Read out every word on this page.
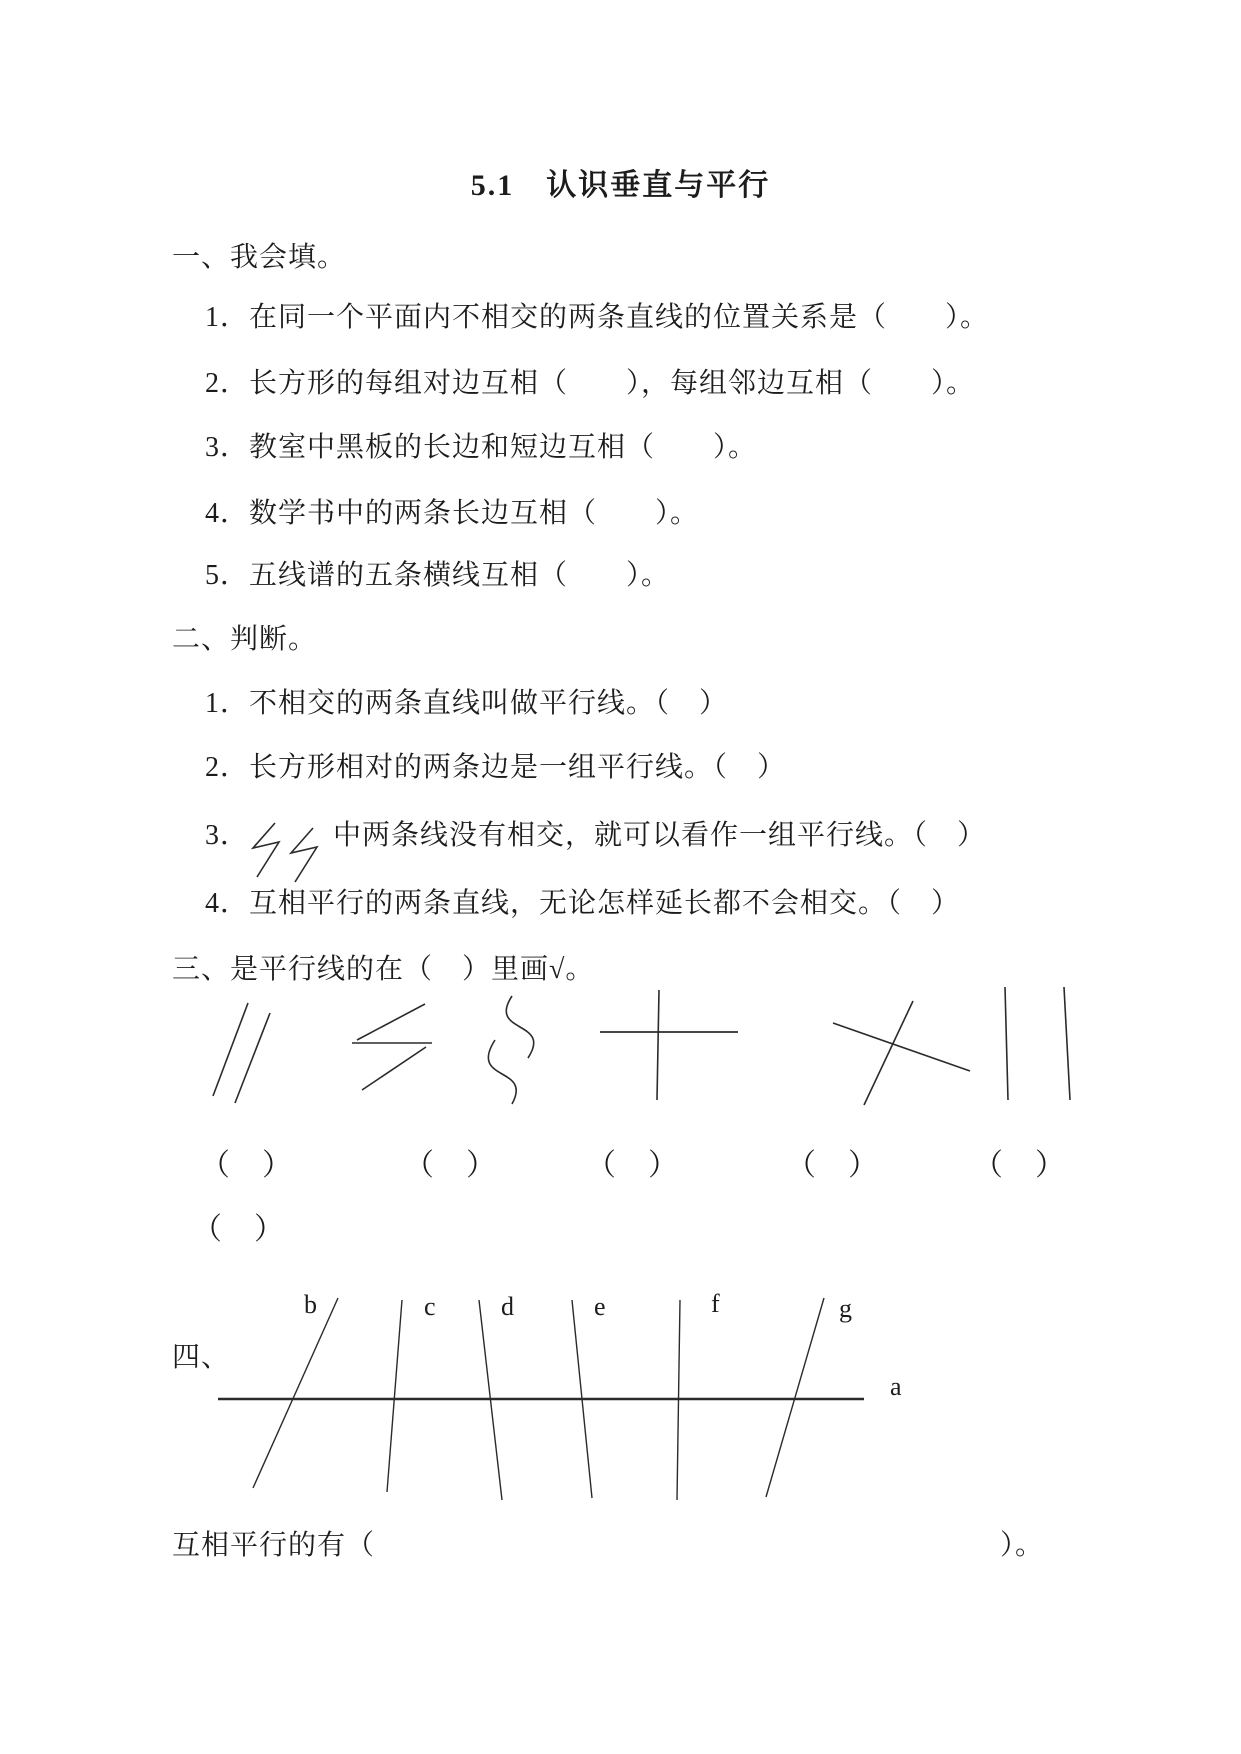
5.1　认识垂直与平行
一、我会填。
1．在同一个平面内不相交的两条直线的位置关系是（　　）。
2．长方形的每组对边互相（　　），每组邻边互相（　　）。
3．教室中黑板的长边和短边互相（　　）。
4．数学书中的两条长边互相（　　）。
5．五线谱的五条横线互相（　　）。
二、判断。
1．不相交的两条直线叫做平行线。（　）
2．长方形相对的两条边是一组平行线。（　）
3．	中两条线没有相交，就可以看作一组平行线。（　）
4．互相平行的两条直线，无论怎样延长都不会相交。（　）
三、是平行线的在（　）里画√。
（　）	（　）	（　）	（　）	（　）
（　）
四、
b	c	d	e	f	g
a
互相平行的有（	）。
